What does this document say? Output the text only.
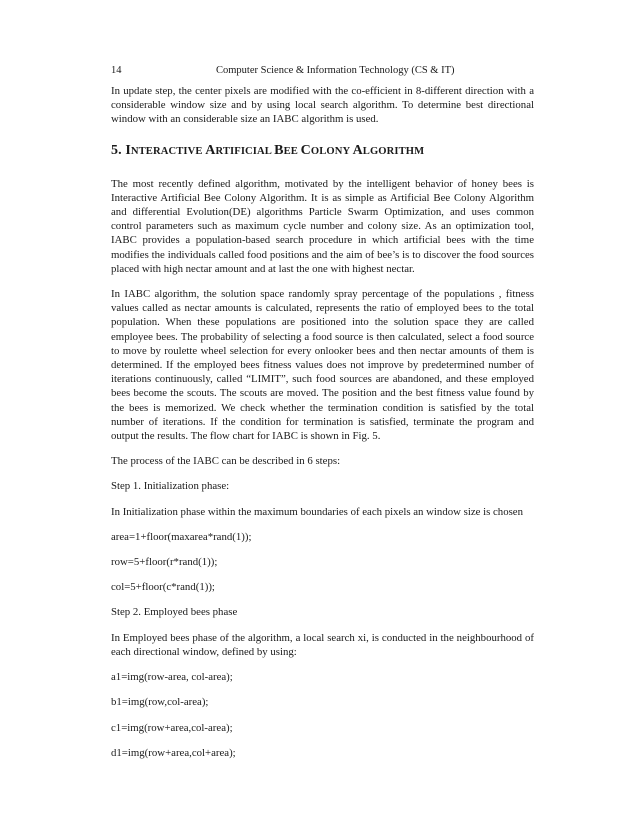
14	Computer Science & Information Technology (CS & IT)

In update step, the center pixels are modified with the co-efficient in 8-different direction with a considerable window size and by using local search algorithm. To determine best directional window with an considerable size an IABC algorithm is used.

5. INTERACTIVE ARTIFICIAL BEE COLONY ALGORITHM

The most recently defined algorithm, motivated by the intelligent behavior of honey bees is Interactive Artificial Bee Colony Algorithm. It is as simple as Artificial Bee Colony Algorithm and differential Evolution(DE) algorithms Particle Swarm Optimization, and uses common control parameters such as maximum cycle number and colony size. As an optimization tool, IABC provides a population-based search procedure in which artificial bees with the time modifies the individuals called food positions and the aim of bee’s is to discover the food sources placed with high nectar amount and at last the one with highest nectar.

In IABC algorithm, the solution space randomly spray percentage of the populations , fitness values called as nectar amounts is calculated, represents the ratio of employed bees to the total population. When these populations are positioned into the solution space they are called employee bees. The probability of selecting a food source is then calculated, select a food source to move by roulette wheel selection for every onlooker bees and then nectar amounts of them is determined. If the employed bees fitness values does not improve by predetermined number of iterations continuously, called “LIMIT”, such food sources are abandoned, and these employed bees become the scouts. The scouts are moved. The position and the best fitness value found by the bees is memorized. We check whether the termination condition is satisfied by the total number of iterations. If the condition for termination is satisfied, terminate the program and output the results. The flow chart for IABC is shown in Fig. 5.

The process of the IABC can be described in 6 steps:

Step 1. Initialization phase:

In Initialization phase within the maximum boundaries of each pixels an window size is chosen

area=1+floor(maxarea*rand(1));

row=5+floor(r*rand(1));

col=5+floor(c*rand(1));

Step 2. Employed bees phase

In Employed bees phase of the algorithm, a local search xi, is conducted in the neighbourhood of each directional window, defined by using:

a1=img(row-area, col-area);

b1=img(row,col-area);

c1=img(row+area,col-area);

d1=img(row+area,col+area);
